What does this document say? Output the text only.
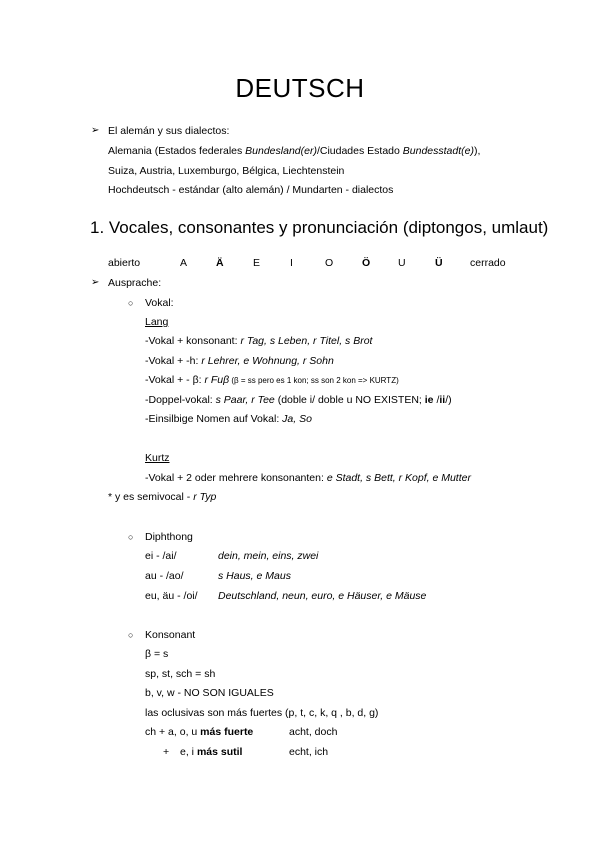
DEUTSCH
➢ El alemán y sus dialectos:
Alemania (Estados federales Bundesland(er)/Ciudades Estado Bundesstadt(e)),
Suiza, Austria, Luxemburgo, Bélgica, Liechtenstein
Hochdeutsch - estándar (alto alemán) / Mundarten - dialectos
1. Vocales, consonantes y pronunciación (diptongos, umlaut)
abierto	A	Ä	E	I	O	Ö	U	Ü	cerrado
➢ Ausprache:
○ Vokal:
Lang
-Vokal + konsonant: r Tag, s Leben, r Titel, s Brot
-Vokal + -h: r Lehrer, e Wohnung, r Sohn
-Vokal + - β: r Fuβ (β = ss pero es 1 kon; ss son 2 kon => KURTZ)
-Doppel-vokal: s Paar, r Tee (doble i/ doble u NO EXISTEN; ie /ii/)
-Einsilbige Nomen auf Vokal: Ja, So
Kurtz
-Vokal + 2 oder mehrere konsonanten: e Stadt, s Bett, r Kopf, e Mutter
* y es semivocal - r Typ
○ Diphthong
ei - /ai/	dein, mein, eins, zwei
au - /ao/	s Haus, e Maus
eu, äu - /oi/ Deutschland, neun, euro, e Häuser, e Mäuse
○ Konsonant
β = s
sp, st, sch = sh
b, v, w - NO SON IGUALES
las oclusivas son más fuertes (p, t, c, k, q , b, d, g)
ch + a, o, u más fuerte	acht, doch
+ e, i más sutil	echt, ich
